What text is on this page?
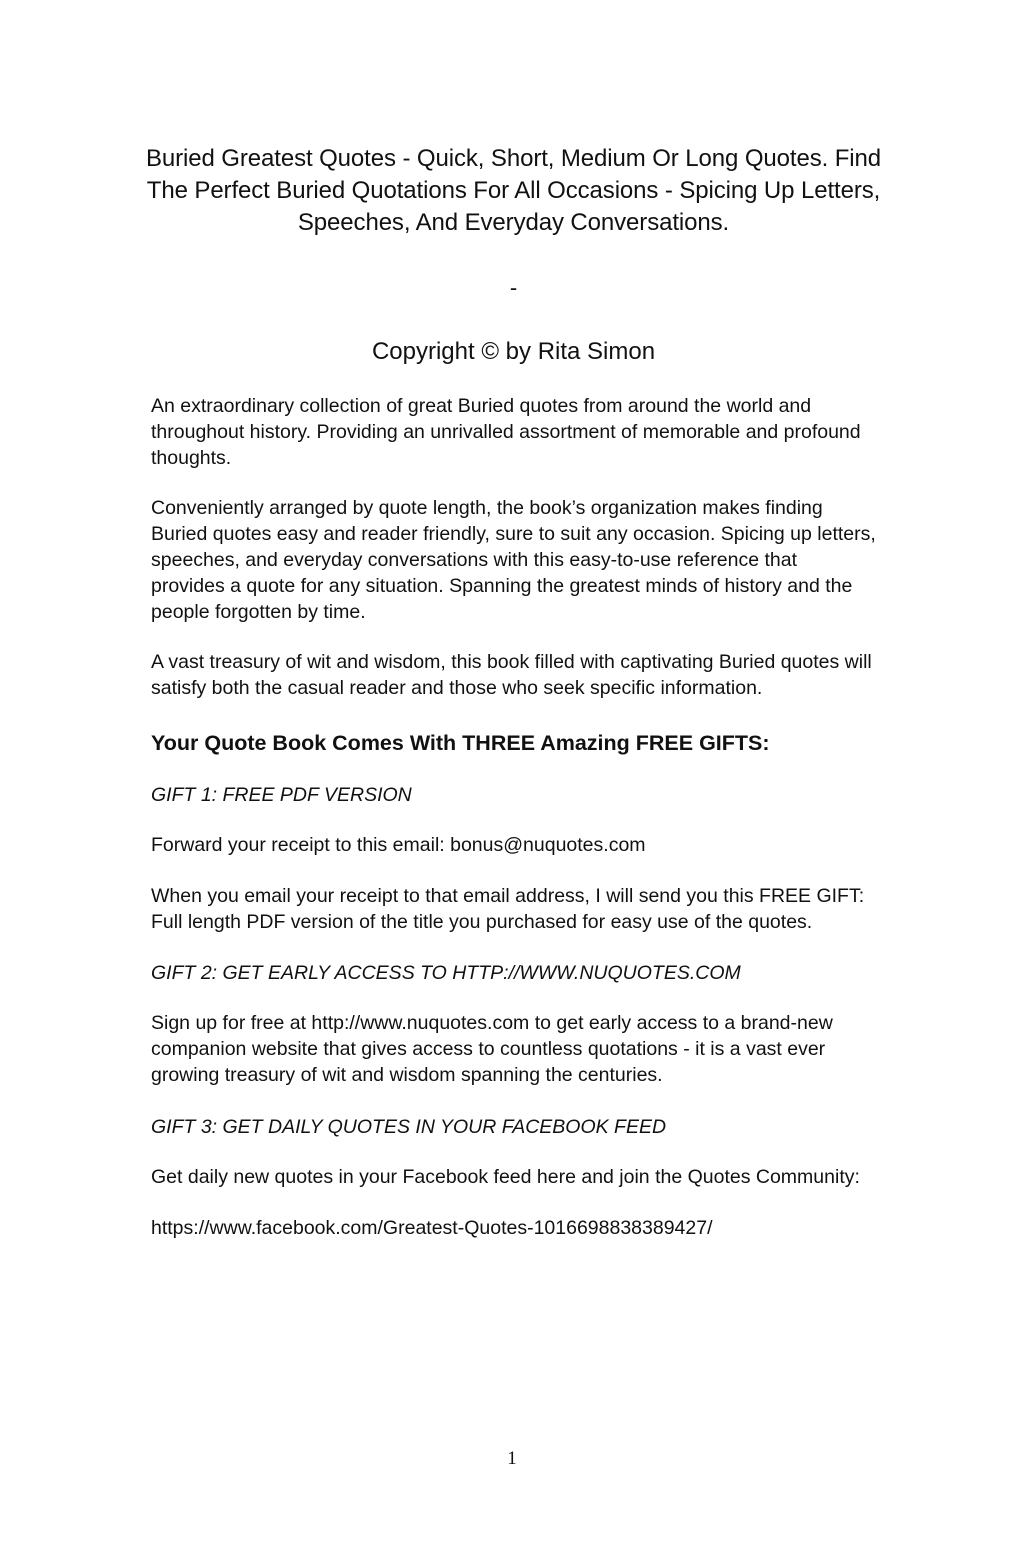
Buried Greatest Quotes - Quick, Short, Medium Or Long Quotes. Find The Perfect Buried Quotations For All Occasions - Spicing Up Letters, Speeches, And Everyday Conversations.
-
Copyright © by Rita Simon

An extraordinary collection of great Buried quotes from around the world and throughout history. Providing an unrivalled assortment of memorable and profound thoughts.

Conveniently arranged by quote length, the book’s organization makes finding Buried quotes easy and reader friendly, sure to suit any occasion. Spicing up letters, speeches, and everyday conversations with this easy-to-use reference that provides a quote for any situation. Spanning the greatest minds of history and the people forgotten by time.

A vast treasury of wit and wisdom, this book filled with captivating Buried quotes will satisfy both the casual reader and those who seek specific information.

Your Quote Book Comes With THREE Amazing FREE GIFTS:
GIFT 1: FREE PDF VERSION

Forward your receipt to this email: bonus@nuquotes.com

When you email your receipt to that email address, I will send you this FREE GIFT: Full length PDF version of the title you purchased for easy use of the quotes.

GIFT 2: GET EARLY ACCESS TO HTTP://WWW.NUQUOTES.COM

Sign up for free at http://www.nuquotes.com to get early access to a brand-new companion website that gives access to countless quotations - it is a vast ever growing treasury of wit and wisdom spanning the centuries.

GIFT 3: GET DAILY QUOTES IN YOUR FACEBOOK FEED

Get daily new quotes in your Facebook feed here and join the Quotes Community:

https://www.facebook.com/Greatest-Quotes-1016698838389427/

1
